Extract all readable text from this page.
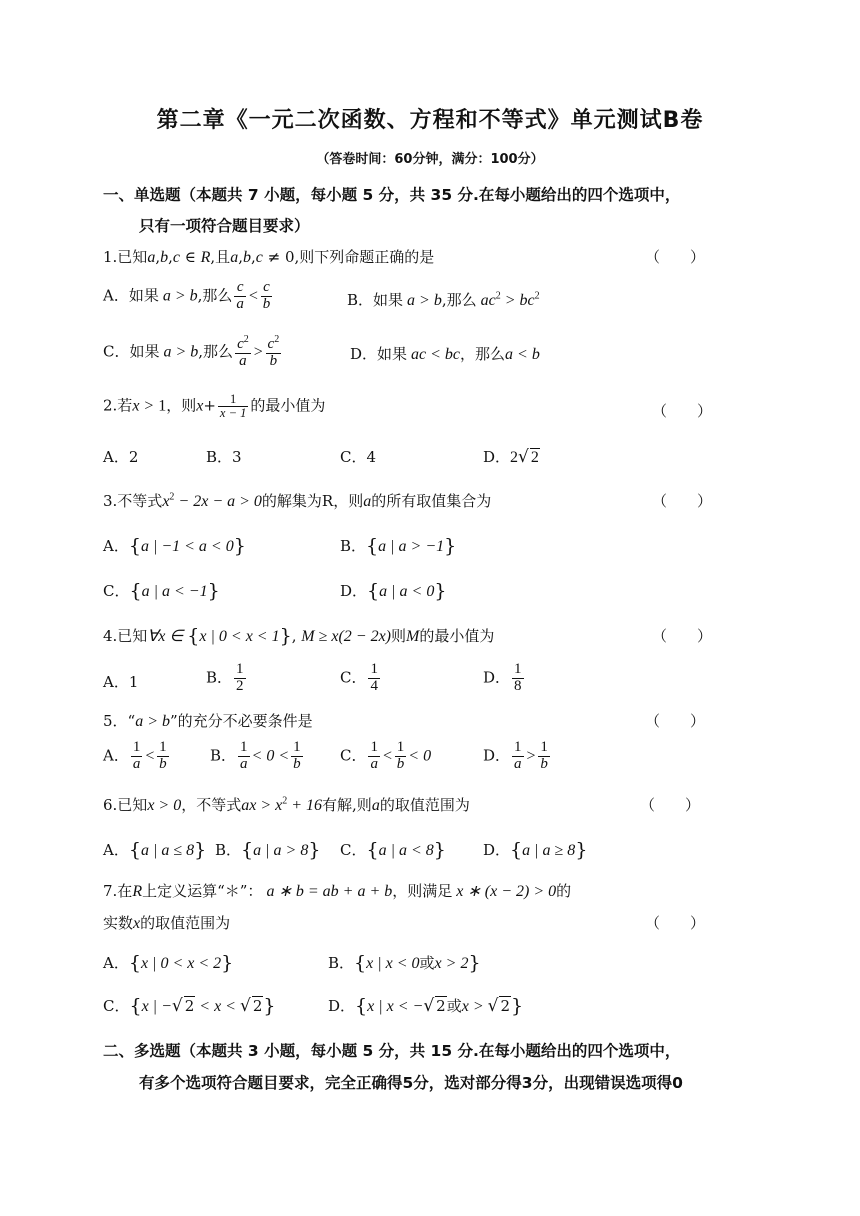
第二章《一元二次函数、方程和不等式》单元测试B卷
（答卷时间：60分钟，满分：100分）
一、单选题（本题共 7 小题，每小题 5 分，共 35 分.在每小题给出的四个选项中，
只有一项符合题目要求）
1.已知a,b,c ∈ R,且a,b,c ≠ 0,则下列命题正确的是	（　　）
A．如果 a > b,那么 $\frac{c}{a} < \frac{c}{b}$	B．如果 a > b,那么 $ac^2 > bc^2$
C．如果 a > b,那么 $\frac{c^2}{a} > \frac{c^2}{b}$	D．如果 ac < bc，那么a < b
2.若x > 1，则$x+ \frac{1}{x - 1}$ 的最小值为	（　　）
A．2	B．3	C．4	D．2√ 2
3.不等式$x^2 - 2x - a > 0$的解集为R，则a的所有取值集合为	（　　）
A．{a | −1 < a < 0}	B．{a | a > −1}
C．{a | a < −1}	D．{a | a < 0}
4.已知∀x ∈ {x | 0 < x < 1}, M ≥ x(2 − 2x)则M的最小值为	（　　）
A．1	B． $\frac{1}{2}$	C． $\frac{1}{4}$	D． $\frac{1}{8}$
5．“a > b”的充分不必要条件是	（　　）
A． $\frac{1}{a} < \frac{1}{b}$	B． $\frac{1}{a} < 0 < \frac{1}{b}$ C． $\frac{1}{a} < \frac{1}{b} < 0$	D． $\frac{1}{a} > \frac{1}{b}$
6.已知x > 0，不等式ax > $x^2 + 16$有解,则a的取值范围为	（　　）
A．{a | a ≤ 8} B．{a | a > 8} C．{a | a < 8} D．{a | a ≥ 8}
7.在R上定义运算“＊”： a ∗ b = ab + a + b，则满足 x ∗ (x − 2) > 0的
实数x的取值范围为	（　　）
A．{x | 0 < x < 2}	B．{x | x < 0或x > 2}
C．{x | −√ 2 < x < √ 2}	D．{x | x < −√ 2或x > √ 2}
二、多选题（本题共 3 小题，每小题 5 分，共 15 分.在每小题给出的四个选项中，
有多个选项符合题目要求，完全正确得5分，选对部分得3分，出现错误选项得0
